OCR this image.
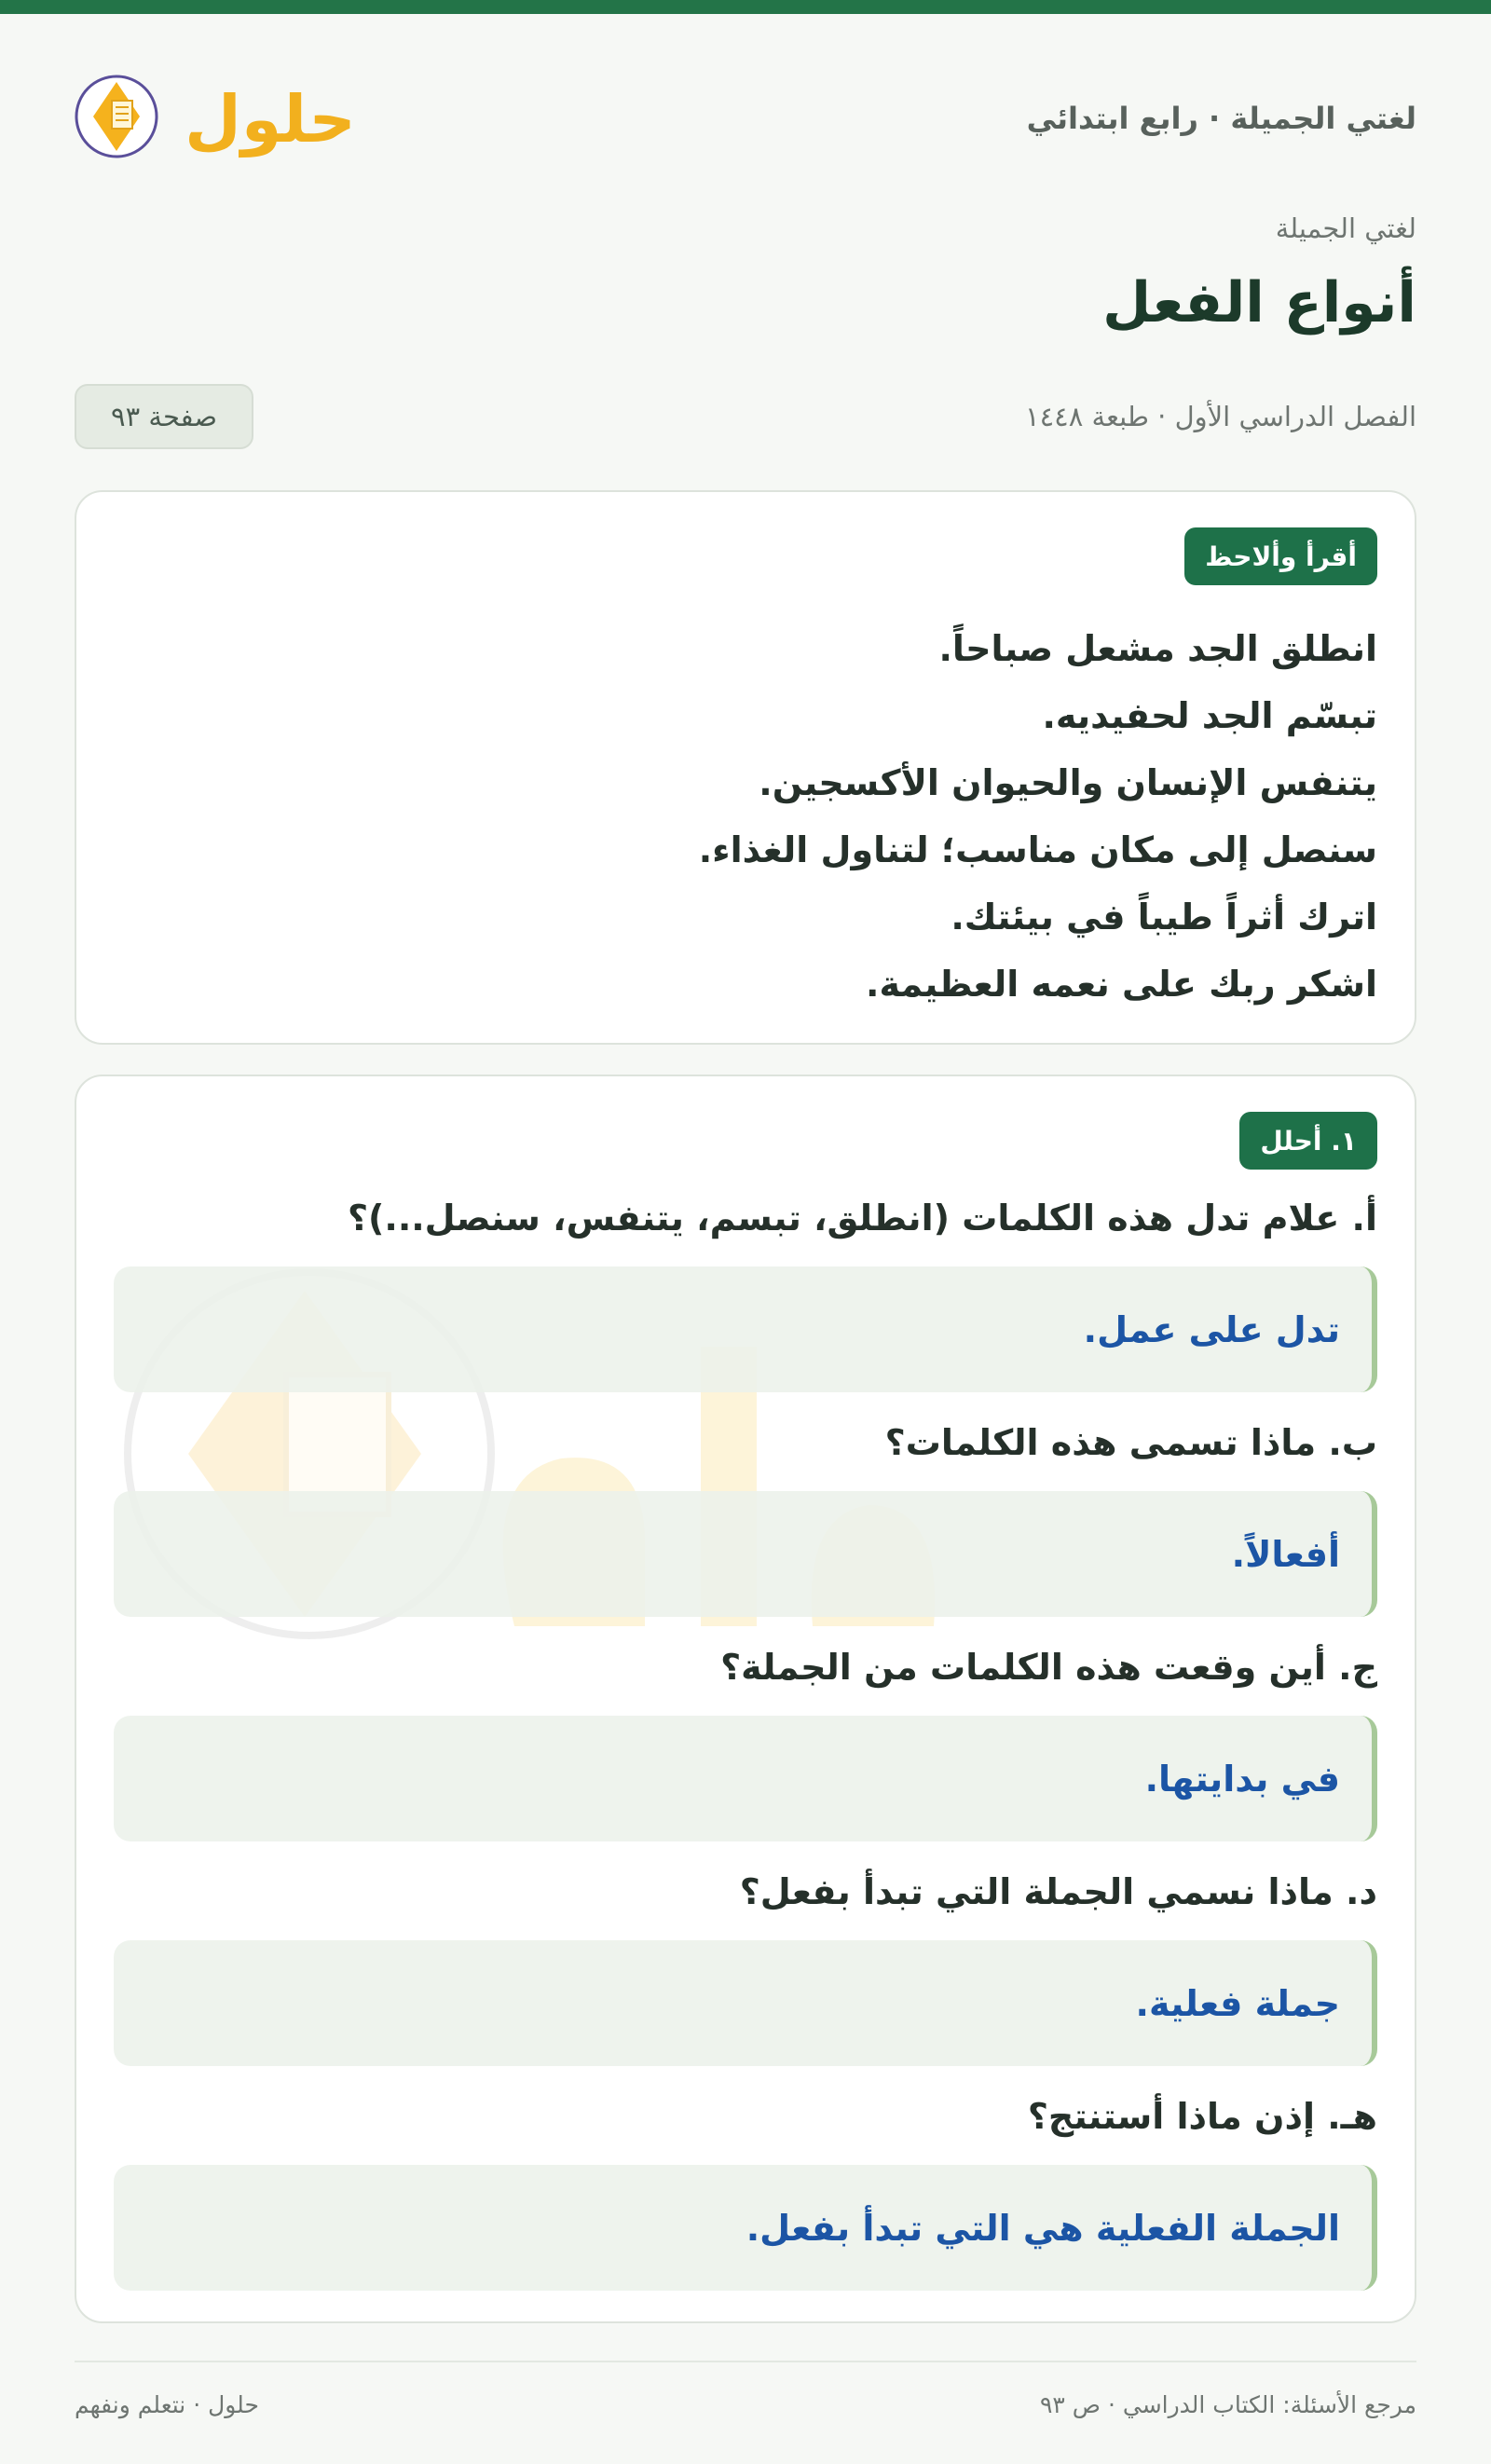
حلول	لغتي الجميلة · رابع ابتدائي
لغتي الجميلة
أنواع الفعل
الفصل الدراسي الأول · طبعة ١٤٤٨
صفحة ٩٣
أقرأ وألاحظ
انطلق الجد مشعل صباحاً.
تبسّم الجد لحفيديه.
يتنفس الإنسان والحيوان الأكسجين.
سنصل إلى مكان مناسب؛ لتناول الغذاء.
اترك أثراً طيباً في بيئتك.
اشكر ربك على نعمه العظيمة.
١. أحلل

أ. علام تدل هذه الكلمات (انطلق، تبسم، يتنفس، سنصل...)؟

تدل على عمل.

ب. ماذا تسمى هذه الكلمات؟

أفعالاً.

ج. أين وقعت هذه الكلمات من الجملة؟

في بدايتها.

د. ماذا نسمي الجملة التي تبدأ بفعل؟

جملة فعلية.

هـ. إذن ماذا أستنتج؟

الجملة الفعلية هي التي تبدأ بفعل.
مرجع الأسئلة: الكتاب الدراسي · ص ٩٣
حلول · نتعلم ونفهم
